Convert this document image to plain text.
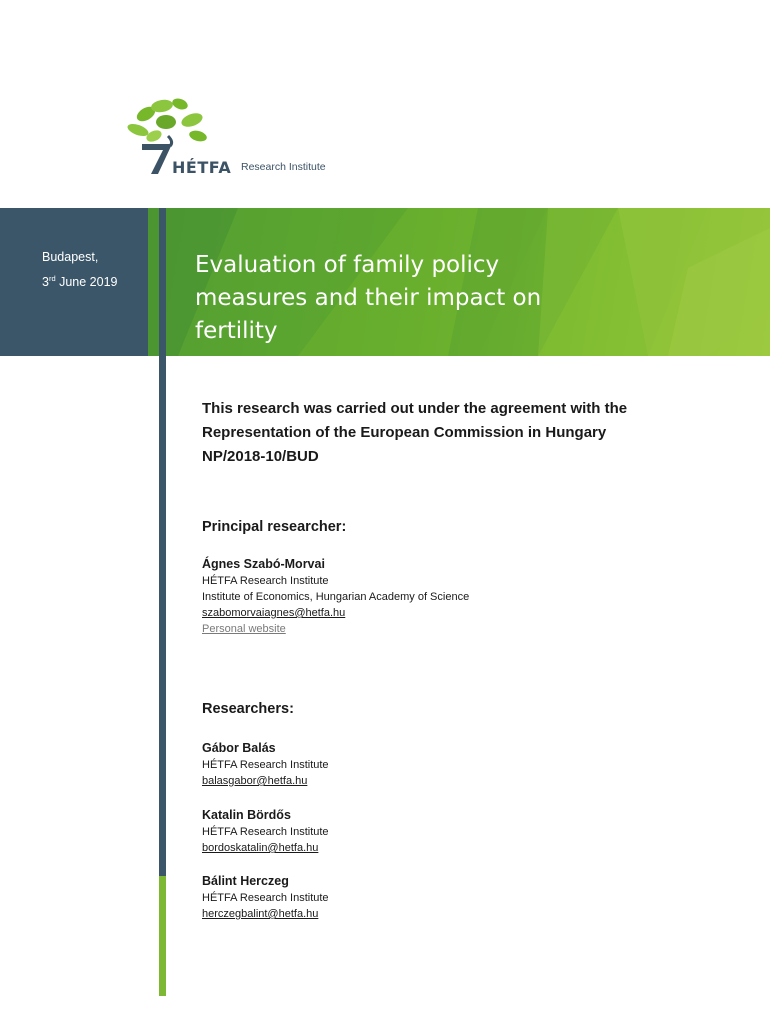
HÉTFA Research Institute
Budapest,
3rd June 2019
Evaluation of family policy
measures and their impact on
fertility
This research was carried out under the agreement with the
Representation of the European Commission in Hungary
NP/2018-10/BUD
Principal researcher:
Ágnes Szabó-Morvai
HÉTFA Research Institute
Institute of Economics, Hungarian Academy of Science
szabomorvaiagnes@hetfa.hu
Personal website
Researchers:
Gábor Balás
HÉTFA Research Institute
balasgabor@hetfa.hu
Katalin Bördős
HÉTFA Research Institute
bordoskatalin@hetfa.hu
Bálint Herczeg
HÉTFA Research Institute
herczegbalint@hetfa.hu
